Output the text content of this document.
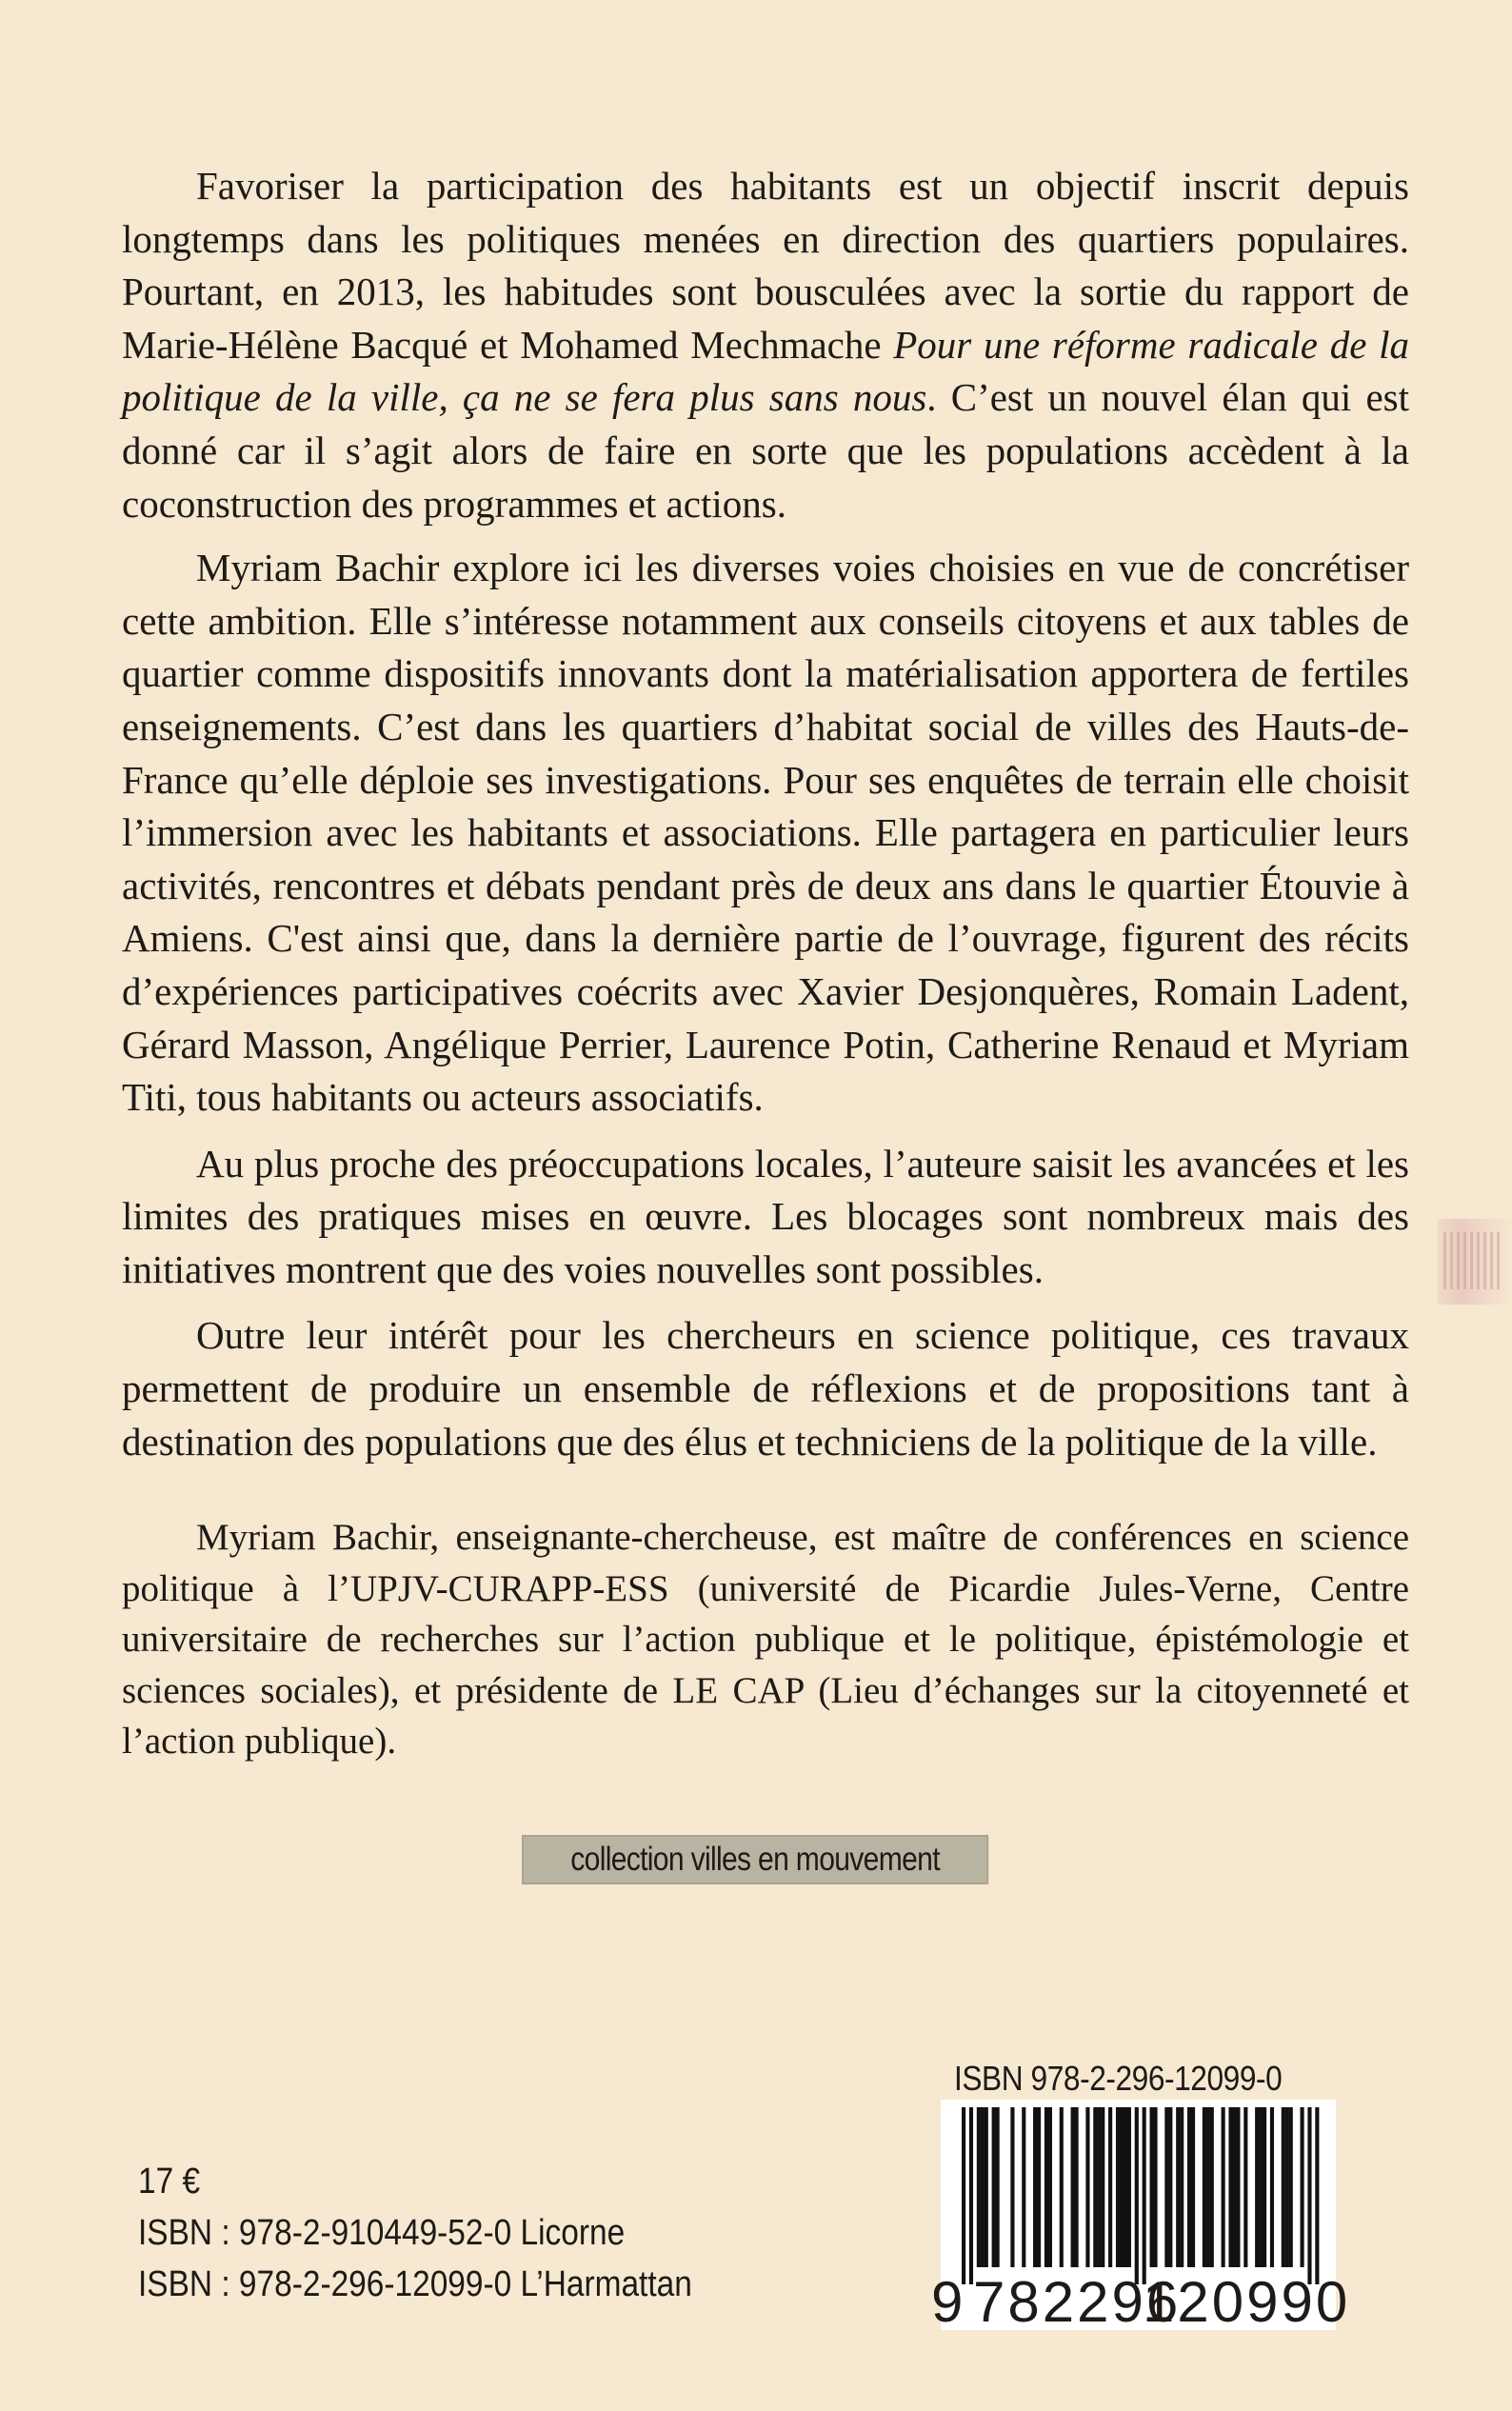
Favoriser la participation des habitants est un objectif inscrit depuis longtemps dans les politiques menées en direction des quartiers populaires. Pourtant, en 2013, les habitudes sont bousculées avec la sortie du rapport de Marie-Hélène Bacqué et Mohamed Mechmache Pour une réforme radicale de la politique de la ville, ça ne se fera plus sans nous. C’est un nouvel élan qui est donné car il s’agit alors de faire en sorte que les populations accèdent à la coconstruction des programmes et actions.

Myriam Bachir explore ici les diverses voies choisies en vue de concrétiser cette ambition. Elle s’intéresse notamment aux conseils citoyens et aux tables de quartier comme dispositifs innovants dont la matérialisation apportera de fertiles enseignements. C’est dans les quartiers d’habitat social de villes des Hauts-de-France qu’elle déploie ses investigations. Pour ses enquêtes de terrain elle choisit l’immersion avec les habitants et associations. Elle partagera en particulier leurs activités, rencontres et débats pendant près de deux ans dans le quartier Étouvie à Amiens. C'est ainsi que, dans la dernière partie de l’ouvrage, figurent des récits d’expériences participatives coécrits avec Xavier Desjonquères, Romain Ladent, Gérard Masson, Angélique Perrier, Laurence Potin, Catherine Renaud et Myriam Titi, tous habitants ou acteurs associatifs.

Au plus proche des préoccupations locales, l’auteure saisit les avancées et les limites des pratiques mises en œuvre. Les blocages sont nombreux mais des initiatives montrent que des voies nouvelles sont possibles.

Outre leur intérêt pour les chercheurs en science politique, ces travaux permettent de produire un ensemble de réflexions et de propositions tant à destination des populations que des élus et techniciens de la politique de la ville.

Myriam Bachir, enseignante-chercheuse, est maître de conférences en science politique à l’UPJV-CURAPP-ESS (université de Picardie Jules-Verne, Centre universitaire de recherches sur l’action publique et le politique, épistémologie et sciences sociales), et présidente de LE CAP (Lieu d’échanges sur la citoyenneté et l’action publique).

collection villes en mouvement
ISBN 978-2-296-12099-0
9 782296
120990
17 €
ISBN : 978-2-910449-52-0 Licorne
ISBN : 978-2-296-12099-0 L’Harmattan
